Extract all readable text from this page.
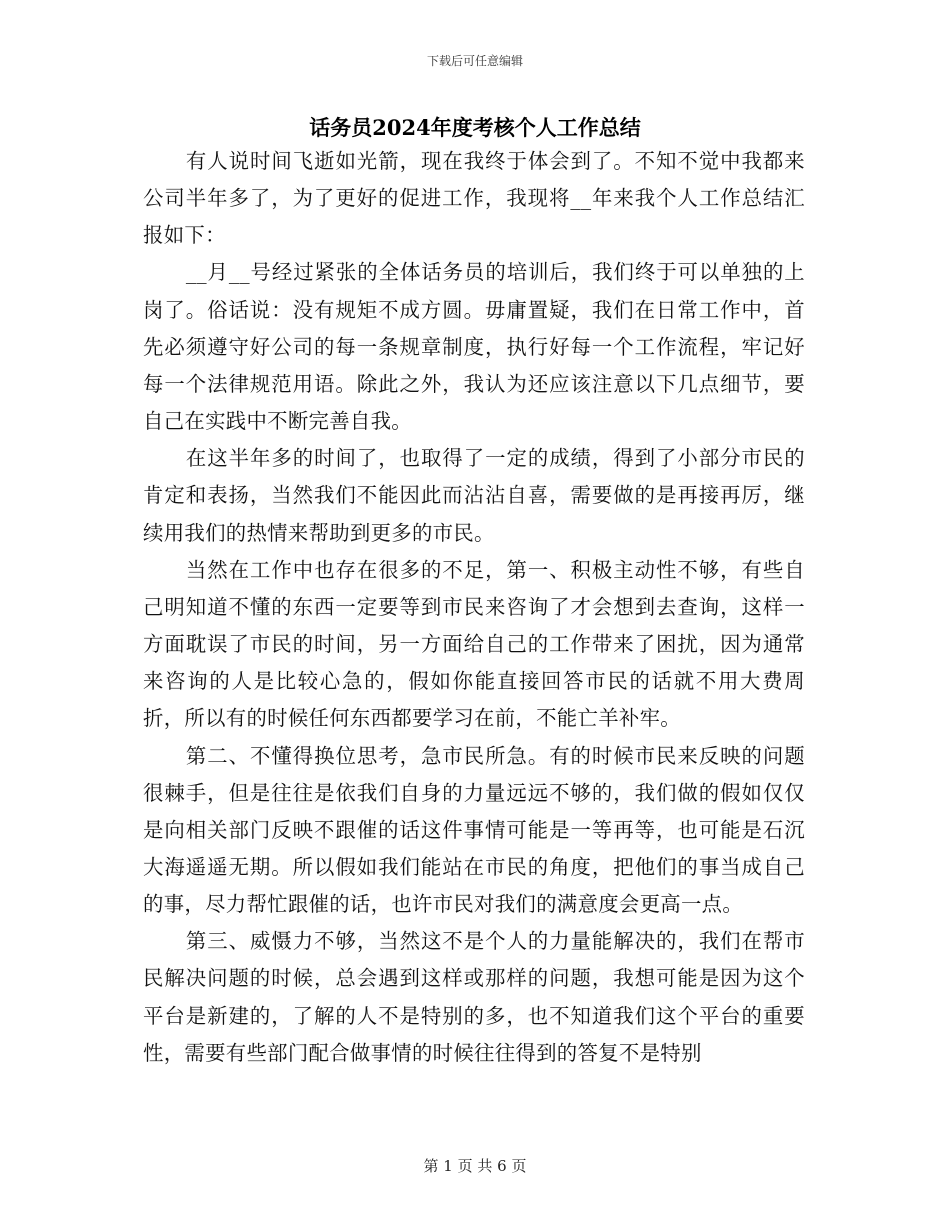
下载后可任意编辑
话务员2024年度考核个人工作总结

有人说时间飞逝如光箭，现在我终于体会到了。不知不觉中我都来公司半年多了，为了更好的促进工作，我现将__年来我个人工作总结汇报如下：

__月__号经过紧张的全体话务员的培训后，我们终于可以单独的上岗了。俗话说：没有规矩不成方圆。毋庸置疑，我们在日常工作中，首先必须遵守好公司的每一条规章制度，执行好每一个工作流程，牢记好每一个法律规范用语。除此之外，我认为还应该注意以下几点细节，要自己在实践中不断完善自我。

在这半年多的时间了，也取得了一定的成绩，得到了小部分市民的肯定和表扬，当然我们不能因此而沾沾自喜，需要做的是再接再厉，继续用我们的热情来帮助到更多的市民。

当然在工作中也存在很多的不足，第一、积极主动性不够，有些自己明知道不懂的东西一定要等到市民来咨询了才会想到去查询，这样一方面耽误了市民的时间，另一方面给自己的工作带来了困扰，因为通常来咨询的人是比较心急的，假如你能直接回答市民的话就不用大费周折，所以有的时候任何东西都要学习在前，不能亡羊补牢。

第二、不懂得换位思考，急市民所急。有的时候市民来反映的问题很棘手，但是往往是依我们自身的力量远远不够的，我们做的假如仅仅是向相关部门反映不跟催的话这件事情可能是一等再等，也可能是石沉大海遥遥无期。所以假如我们能站在市民的角度，把他们的事当成自己的事，尽力帮忙跟催的话，也许市民对我们的满意度会更高一点。

第三、威慑力不够，当然这不是个人的力量能解决的，我们在帮市民解决问题的时候，总会遇到这样或那样的问题，我想可能是因为这个平台是新建的，了解的人不是特别的多，也不知道我们这个平台的重要性，需要有些部门配合做事情的时候往往得到的答复不是特别

第 1 页 共 6 页
